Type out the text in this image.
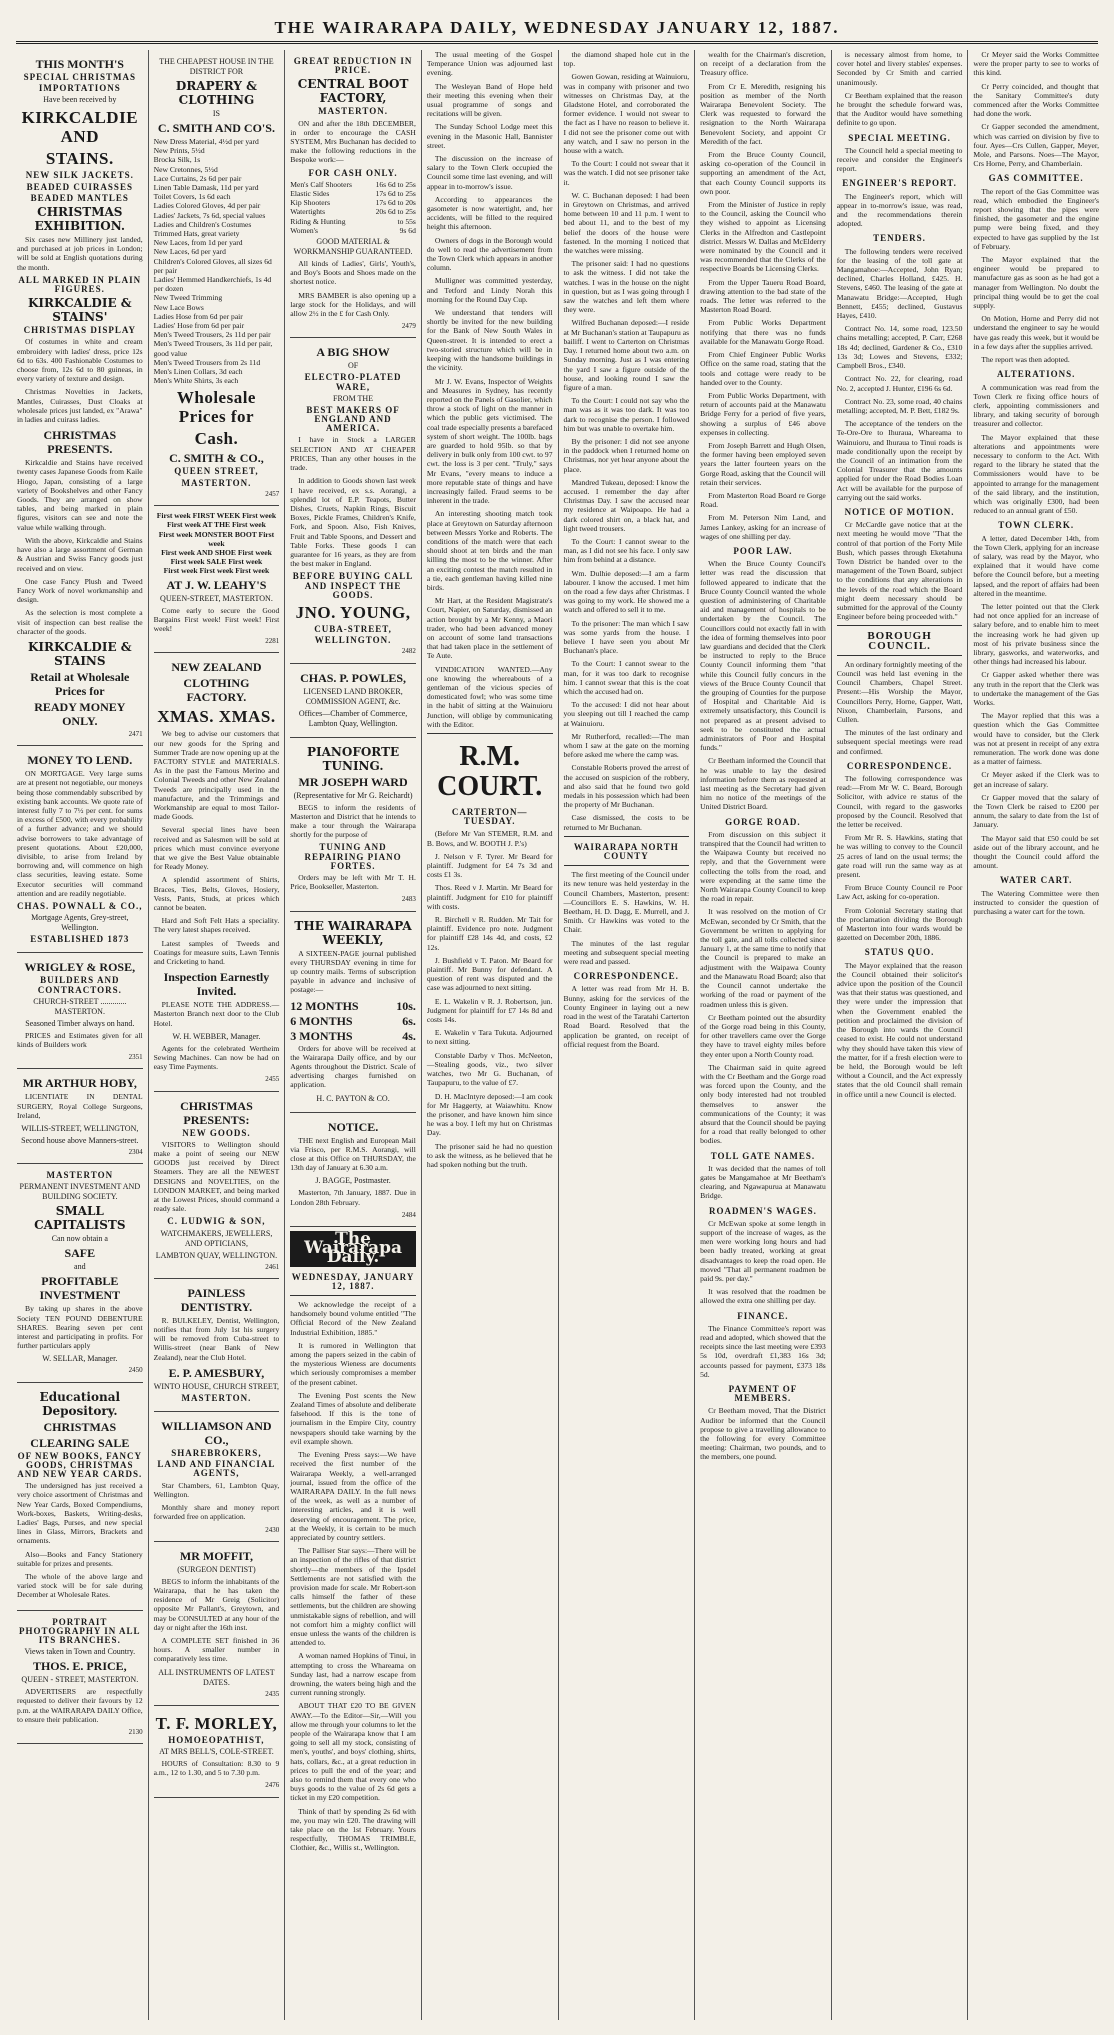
THE WAIRARAPA DAILY, WEDNESDAY JANUARY 12, 1887.
THIS MONTH'S
SPECIAL CHRISTMAS
IMPORTATIONS
Have been received by
KIRKCALDIE AND
STAINS.
NEW SILK JACKETS.
BEADED CUIRASSES
BEADED MANTLES
CHRISTMAS EXHIBITION.

Six cases new Millinery just landed, and purchased at job prices in London; will be sold at English quotations during the month.

ALL MARKED IN PLAIN FIGURES.
KIRKCALDIE & STAINS'
CHRISTMAS DISPLAY

Of costumes in white and cream embroidery with ladies' dress, price 12s 6d to 63s. 400 Fashionable Costumes to choose from, 12s 6d to 80 guineas, in every variety of texture and design.

Christmas Novelties in Jackets, Mantles, Cuirasses, Dust Cloaks at wholesale prices just landed, ex "Arawa" in ladies and cuirass ladies.

CHRISTMAS PRESENTS.

Kirkcaldie and Stains have received twenty cases Japanese Goods from Kaile Hiogo, Japan, consisting of a large variety of Bookshelves and other Fancy Goods. They are arranged on show tables, and being marked in plain figures, visitors can see and note the value while walking through.

With the above, Kirkcaldie and Stains have also a large assortment of German & Austrian and Swiss Fancy goods just received and on view.

One case Fancy Plush and Tweed Fancy Work of novel workmanship and design.

As the selection is most complete a visit of inspection can best realise the character of the goods.

KIRKCALDIE & STAINS
Retail at Wholesale Prices for
READY MONEY ONLY.
2471
MONEY TO LEND.

ON MORTGAGE. Very large sums are at present not negotiable, our moneys being those commendably subscribed by existing bank accounts. We quote rate of interest fully 7 to 7½ per cent. for sums in excess of £500, with every probability of a further advance; and we should advise borrowers to take advantage of present quotations. About £20,000, divisible, to arise from Ireland by borrowing and, will commence on high class securities, leaving estate. Some Executor securities will command attention and are readily negotiable.

CHAS. POWNALL & CO.,
Mortgage Agents, Grey-street, Wellington.
ESTABLISHED 1873
WRIGLEY & ROSE,
BUILDERS AND CONTRACTORS.
CHURCH-STREET ............. MASTERTON.
Seasoned Timber always on hand.

PRICES and Estimates given for all kinds of Builders work

2351
MR ARTHUR HOBY,

LICENTIATE IN DENTAL SURGERY, Royal College Surgeons, Ireland,

WILLIS-STREET, WELLINGTON,
Second house above Manners-street.
2304
MASTERTON
PERMANENT INVESTMENT AND BUILDING SOCIETY.
SMALL CAPITALISTS
Can now obtain a
SAFE
and
PROFITABLE INVESTMENT

By taking up shares in the above Society TEN POUND DEBENTURE SHARES. Bearing seven per cent interest and participating in profits. For further particulars apply

W. SELLAR, Manager.
2450
Educational Depository.
CHRISTMAS
CLEARING SALE
OF NEW BOOKS, FANCY GOODS, CHRISTMAS AND NEW YEAR CARDS.

The undersigned has just received a very choice assortment of Christmas and New Year Cards, Boxed Compendiums, Work-boxes, Baskets, Writing-desks, Ladies' Bags, Purses, and new special lines in Glass, Mirrors, Brackets and ornaments.

Also—Books and Fancy Stationery suitable for prizes and presents.

The whole of the above large and varied stock will be for sale during December at Wholesale Rates.

PORTRAIT PHOTOGRAPHY IN ALL ITS BRANCHES.
Views taken in Town and Country.
THOS. E. PRICE,
QUEEN - STREET, MASTERTON.

ADVERTISERS are respectfully requested to deliver their favours by 12 p.m. at the WAIRARAPA DAILY Office, to ensure their publication.

2130
THE CHEAPEST HOUSE IN THE DISTRICT FOR
DRAPERY & CLOTHING
IS
C. SMITH AND CO'S.
New Dress Material, 4½d per yard
New Prints, 5½d
Brocka Silk, 1s
New Cretonnes, 5½d
Lace Curtains, 2s 6d per pair
Linen Table Damask, 11d per yard
Toilet Covers, 1s 6d each
Ladies Colored Gloves, 4d per pair
Ladies' Jackets, 7s 6d, special values
Ladies and Children's Costumes
Trimmed Hats, great variety
New Laces, from 1d per yard
New Laces, 6d per yard
Children's Colored Gloves, all sizes 6d per pair
Ladies' Hemmed Handkerchiefs, 1s 4d per dozen
New Tweed Trimming
New Lace Bows
Ladies Hose from 6d per pair
Ladies' Hose from 6d per pair
Men's Tweed Trousers, 2s 11d per pair
Men's Tweed Trousers, 3s 11d per pair, good value
Men's Tweed Trousers from 2s 11d
Men's Linen Collars, 3d each
Men's White Shirts, 3s each
Wholesale Prices for
Cash.
C. SMITH & CO.,
QUEEN STREET,
MASTERTON.
2457
First week FIRST WEEK First week
First week AT THE First week
First week MONSTER BOOT First week
First week AND SHOE First week
First week SALE First week
First week First week First week
AT J. W. LEAHY'S
QUEEN-STREET, MASTERTON.

Come early to secure the Good Bargains First week! First week! First week!

2281
NEW ZEALAND
CLOTHING FACTORY.
XMAS. XMAS.

We beg to advise our customers that our new goods for the Spring and Summer Trade are now opening up at the FACTORY STYLE and MATERIALS. As in the past the Famous Merino and Colonial Tweeds and other New Zealand Tweeds are principally used in the manufacture, and the Trimmings and Workmanship are equal to most Tailor-made Goods.

Several special lines have been received and as Salesmen will be sold at prices which must convince everyone that we give the Best Value obtainable for Ready Money.

A splendid assortment of Shirts, Braces, Ties, Belts, Gloves, Hosiery, Vests, Pants, Studs, at prices which cannot be beaten.

Hard and Soft Felt Hats a speciality. The very latest shapes received.

Latest samples of Tweeds and Coatings for measure suits, Lawn Tennis and Cricketing to hand.

Inspection Earnestly Invited.

PLEASE NOTE THE ADDRESS.— Masterton Branch next door to the Club Hotel.

W. H. WEBBER, Manager.

Agents for the celebrated Wertheim Sewing Machines. Can now be had on easy Time Payments.

2455
CHRISTMAS PRESENTS:
NEW GOODS.

VISITORS to Wellington should make a point of seeing our NEW GOODS just received by Direct Steamers. They are all the NEWEST DESIGNS and NOVELTIES, on the LONDON MARKET, and being marked at the Lowest Prices, should command a ready sale.

C. LUDWIG & SON,
WATCHMAKERS, JEWELLERS, AND OPTICIANS,
LAMBTON QUAY, WELLINGTON.
2461
PAINLESS DENTISTRY.

R. BULKELEY, Dentist, Wellington, notifies that from July 1st his surgery will be removed from Cuba-street to Willis-street (near Bank of New Zealand), near the Club Hotel.

E. P. AMESBURY,
WINTO HOUSE, CHURCH STREET,
MASTERTON.
WILLIAMSON AND CO.,
SHAREBROKERS,
LAND AND FINANCIAL AGENTS,

Star Chambers, 61, Lambton Quay, Wellington.

Monthly share and money report forwarded free on application.

2430
MR MOFFIT,
(SURGEON DENTIST)

BEGS to inform the inhabitants of the Wairarapa, that he has taken the residence of Mr Greig (Solicitor) opposite Mr Pallant's, Greytown, and may be CONSULTED at any hour of the day or night after the 16th inst.

A COMPLETE SET finished in 36 hours. A smaller number in comparatively less time.

ALL INSTRUMENTS OF LATEST DATES.
2435
T. F. MORLEY,
HOMOEOPATHIST,
AT MRS BELL'S, COLE-STREET.

HOURS of Consultation: 8.30 to 9 a.m., 12 to 1.30, and 5 to 7.30 p.m.

2476
GREAT REDUCTION IN PRICE.
CENTRAL BOOT FACTORY,
MASTERTON.

ON and after the 18th DECEMBER, in order to encourage the CASH SYSTEM, Mrs Buchanan has decided to make the following reductions in the Bespoke work:—

FOR CASH ONLY.
Men's Calf Shooters	16s 6d to 25s
Elastic Sides	17s 6d to 25s
Kip Shooters	17s 6d to 20s
Watertights	20s 6d to 25s
Riding & Hunting	to 55s
Women's	9s 6d
GOOD MATERIAL & WORKMANSHIP GUARANTEED.

All kinds of Ladies', Girls', Youth's, and Boy's Boots and Shoes made on the shortest notice.

MRS BAMBER is also opening up a large stock for the Holidays, and will allow 2½ in the £ for Cash Only.

2479
A BIG SHOW
OF
ELECTRO-PLATED WARE,
FROM THE
BEST MAKERS OF ENGLAND AND AMERICA.

I have in Stock a LARGER SELECTION AND AT CHEAPER PRICES, Than any other houses in the trade.

In addition to Goods shown last week I have received, ex s.s. Aorangi, a splendid lot of E.P. Teapots, Butter Dishes, Cruets, Napkin Rings, Biscuit Boxes, Pickle Frames, Children's Knife, Fork, and Spoon. Also, Fish Knives, Fruit and Table Spoons, and Dessert and Table Forks. These goods I can guarantee for 16 years, as they are from the best maker in England.

BEFORE BUYING CALL AND INSPECT THE GOODS.
JNO. YOUNG,
CUBA-STREET,
WELLINGTON.
2482
CHAS. P. POWLES,
LICENSED LAND BROKER, COMMISSION AGENT, &c.
Offices—Chamber of Commerce, Lambton Quay, Wellington.
PIANOFORTE TUNING.
MR JOSEPH WARD
(Representative for Mr G. Reichardt)

BEGS to inform the residents of Masterton and District that he intends to make a tour through the Wairarapa shortly for the purpose of

TUNING AND REPAIRING PIANO FORTES.

Orders may be left with Mr T. H. Price, Bookseller, Masterton.

2483
THE WAIRARAPA WEEKLY,

A SIXTEEN-PAGE journal published every THURSDAY evening in time for up country mails. Terms of subscription payable in advance and inclusive of postage:—

12 MONTHS	10s.
6 MONTHS	6s.
3 MONTHS	4s.

Orders for above will be received at the Wairarapa Daily office, and by our Agents throughout the District. Scale of advertising charges furnished on application.

H. C. PAYTON & CO.
NOTICE.

THE next English and European Mail via Frisco, per R.M.S. Aorangi, will close at this Office on THURSDAY, the 13th day of January at 6.30 a.m.

J. BAGGE, Postmaster.

Masterton, 7th January, 1887. Due in London 28th February.

2484
The Wairarapa Daily.
WEDNESDAY, JANUARY 12, 1887.

We acknowledge the receipt of a handsomely bound volume entitled "The Official Record of the New Zealand Industrial Exhibition, 1885."

It is rumored in Wellington that among the papers seized in the cabin of the mysterious Wieness are documents which seriously compromises a member of the present cabinet.

The Evening Post scents the New Zealand Times of absolute and deliberate falsehood. If this is the tone of journalism in the Empire City, country newspapers should take warning by the evil example shown.

The Evening Press says:—We have received the first number of the Wairarapa Weekly, a well-arranged journal, issued from the office of the WAIRARAPA DAILY. In the full news of the week, as well as a number of interesting articles, and it is well deserving of encouragement. The price, at the Weekly, it is certain to be much appreciated by country settlers.

The Palliser Star says:—There will be an inspection of the rifles of that district shortly—the members of the Ipsdel Settlements are not satisfied with the provision made for scale. Mr Robert-son calls himself the father of these settlements, but the children are showing unmistakable signs of rebellion, and will not comfort him a mighty conflict will ensue unless the wants of the children is attended to.

A woman named Hopkins of Tinui, in attempting to cross the Whareama on Sunday last, had a narrow escape from drowning, the waters being high and the current running strongly.

ABOUT THAT £20 TO BE GIVEN AWAY.—To the Editor—Sir,—Will you allow me through your columns to let the people of the Wairarapa know that I am going to sell all my stock, consisting of men's, youths', and boys' clothing, shirts, hats, collars, &c., at a great reduction in prices to pull the end of the year; and also to remind them that every one who buys goods to the value of 2s 6d gets a ticket in my £20 competition.

Think of that! by spending 2s 6d with me, you may win £20. The drawing will take place on the 1st February. Yours respectfully, THOMAS TRIMBLE, Clothier, &c., Willis st., Wellington.

The usual meeting of the Gospel Temperance Union was adjourned last evening.

The Wesleyan Band of Hope held their meeting this evening when their usual programme of songs and recitations will be given.

The Sunday School Lodge meet this evening in the Masonic Hall, Bannister street.

The discussion on the increase of salary to the Town Clerk occupied the Council some time last evening, and will appear in to-morrow's issue.

According to appearances the gasometer is now watertight, and, her accidents, will be filled to the required height this afternoon.

Owners of dogs in the Borough would do well to read the advertisement from the Town Clerk which appears in another column.

Mulligner was committed yesterday, and Tetford and Lindy Norah this morning for the Round Day Cup.

We understand that tenders will shortly be invited for the new building for the Bank of New South Wales in Queen-street. It is intended to erect a two-storied structure which will be in keeping with the handsome buildings in the vicinity.

Mr J. W. Evans, Inspector of Weights and Measures in Sydney, has recently reported on the Panels of Gasolier, which throw a stock of light on the manner in which the public gets victimised. The coal trade especially presents a barefaced system of short weight. The 100lb. bags are guarded to hold 95lb. so that by delivery in bulk only from 100 cwt. to 97 cwt. the loss is 3 per cent. "Truly," says Mr Evans, "every means to induce a more reputable state of things and have increasingly failed. Fraud seems to be inherent in the trade.

An interesting shooting match took place at Greytown on Saturday afternoon between Messrs Yorke and Roberts. The conditions of the match were that each should shoot at ten birds and the man killing the most to be the winner. After an exciting contest the match resulted in a tie, each gentleman having killed nine birds.

Mr Hart, at the Resident Magistrate's Court, Napier, on Saturday, dismissed an action brought by a Mr Kenny, a Maori trader, who had been advanced money on account of some land transactions that had taken place in the settlement of Te Aute.

VINDICATION WANTED.—Any one knowing the whereabouts of a gentleman of the vicious species of domesticated fowl; who was some time in the habit of sitting at the Wainuioru Junction, will oblige by communicating with the Editor.

R.M. COURT.
CARTERTON—TUESDAY.

(Before Mr Van STEMER, R.M. and B. Bows, and W. BOOTH J. P.'s)

J. Nelson v F. Tyrer. Mr Beard for plaintiff. Judgment for £4 7s 3d and costs £1 3s.

Thos. Reed v J. Martin. Mr Beard for plaintiff. Judgment for £10 for plaintiff with costs.

R. Birchell v R. Rudden. Mr Tait for plaintiff. Evidence pro note. Judgment for plaintiff £28 14s 4d, and costs, £2 12s.

J. Bushfield v T. Paton. Mr Beard for plaintiff. Mr Bunny for defendant. A question of rent was disputed and the case was adjourned to next sitting.

E. L. Wakelin v R. J. Robertson, jun. Judgment for plaintiff for £7 14s 8d and costs 14s.

E. Wakelin v Tara Tukuta. Adjourned to next sitting.

Constable Darby v Thos. McNeeton,—Stealing goods, viz., two silver watches, two Mr G. Buchanan, of Taupapuru, to the value of £7.

D. H. MacIntyre deposed:—I am cook for Mr Haggerty, at Waiawhitu. Know the prisoner, and have known him since he was a boy. I left my hut on Christmas Day.

The prisoner said he had no question to ask the witness, as he believed that he had spoken nothing but the truth.

the diamond shaped hole cut in the top.

Gowen Gowan, residing at Wainuioru, was in company with prisoner and two witnesses on Christmas Day, at the Gladstone Hotel, and corroborated the former evidence. I would not swear to the fact as I have no reason to believe it. I did not see the prisoner come out with any watch, and I saw no person in the house with a watch.

To the Court: I could not swear that it was the watch. I did not see prisoner take it.

W. C. Buchanan deposed: I had been in Greytown on Christmas, and arrived home between 10 and 11 p.m. I went to bed about 11, and to the best of my belief the doors of the house were fastened. In the morning I noticed that the watches were missing.

The prisoner said: I had no questions to ask the witness. I did not take the watches. I was in the house on the night in question, but as I was going through I saw the watches and left them where they were.

Wilfred Buchanan deposed:—I reside at Mr Buchanan's station at Taupapuru as bailiff. I went to Carterton on Christmas Day. I returned home about two a.m. on Sunday morning. Just as I was entering the yard I saw a figure outside of the house, and looking round I saw the figure of a man.

To the Court: I could not say who the man was as it was too dark. It was too dark to recognise the person. I followed him but was unable to overtake him.

By the prisoner: I did not see anyone in the paddock when I returned home on Christmas, nor yet hear anyone about the place.

Mandred Tukeau, deposed: I know the accused. I remember the day after Christmas Day. I saw the accused near my residence at Waipoapo. He had a dark colored shirt on, a black hat, and light tweed trousers.

To the Court: I cannot swear to the man, as I did not see his face. I only saw him from behind at a distance.

Wm. Dulhie deposed:—I am a farm labourer. I know the accused. I met him on the road a few days after Christmas. I was going to my work. He showed me a watch and offered to sell it to me.

To the prisoner: The man which I saw was some yards from the house. I believe I have seen you about Mr Buchanan's place.

To the Court: I cannot swear to the man, for it was too dark to recognise him. I cannot swear that this is the coat which the accused had on.

To the accused: I did not hear about you sleeping out till I reached the camp at Wainuioru.

Mr Rutherford, recalled:—The man whom I saw at the gate on the morning before asked me where the camp was.

Constable Roberts proved the arrest of the accused on suspicion of the robbery, and also said that he found two gold medals in his possession which had been the property of Mr Buchanan.

Case dismissed, the costs to be returned to Mr Buchanan.

WAIRARAPA NORTH COUNTY

The first meeting of the Council under its new tenure was held yesterday in the Council Chambers, Masterton, present:—Councillors E. S. Hawkins, W. H. Beetham, H. D. Dagg, E. Murrell, and J. Smith. Cr Hawkins was voted to the Chair.

The minutes of the last regular meeting and subsequent special meeting were read and passed.

CORRESPONDENCE.

A letter was read from Mr H. B. Bunny, asking for the services of the County Engineer in laying out a new road in the west of the Taratahi Carterton Road Board. Resolved that the application be granted, on receipt of official request from the Board.

wealth for the Chairman's discretion, on receipt of a declaration from the Treasury office.

From Cr E. Meredith, resigning his position as member of the North Wairarapa Benevolent Society. The Clerk was requested to forward the resignation to the North Wairarapa Benevolent Society, and appoint Cr Meredith of the fact.

From the Bruce County Council, asking co-operation of the Council in supporting an amendment of the Act, that each County Council supports its own poor.

From the Minister of Justice in reply to the Council, asking the Council who they wished to appoint as Licensing Clerks in the Alfredton and Castlepoint district. Messrs W. Dallas and McElderry were nominated by the Council and it was recommended that the Clerks of the respective Boards be Licensing Clerks.

From the Upper Taueru Road Board, drawing attention to the bad state of the roads. The letter was referred to the Masterton Road Board.

From Public Works Department notifying that there was no funds available for the Manawatu Gorge Road.

From Chief Engineer Public Works Office on the same road, stating that the tools and cottage were ready to be handed over to the County.

From Public Works Department, with return of accounts paid at the Manawatu Bridge Ferry for a period of five years, showing a surplus of £46 above expenses in collecting.

From Joseph Barrett and Hugh Olsen, the former having been employed seven years the latter fourteen years on the Gorge Road, asking that the Council will retain their services.

From Masterton Road Board re Gorge Road.

From M. Peterson Nim Land, and James Lankey, asking for an increase of wages of one shilling per day.

POOR LAW.

When the Bruce County Council's letter was read the discussion that followed appeared to indicate that the Bruce County Council wanted the whole question of administering of Charitable aid and management of hospitals to be undertaken by the Council. The Councillors could not exactly fall in with the idea of forming themselves into poor law guardians and decided that the Clerk be instructed to reply to the Bruce County Council informing them "that while this Council fully concurs in the views of the Bruce County Council that the grouping of Counties for the purpose of Hospital and Charitable Aid is extremely unsatisfactory, this Council is not prepared as at present advised to seek to be constituted the actual administrators of Poor and Hospital funds."

Cr Beetham informed the Council that he was unable to lay the desired information before them as requested at last meeting as the Secretary had given him no notice of the meetings of the United District Board.

GORGE ROAD.

From discussion on this subject it transpired that the Council had written to the Waipawa County but received no reply, and that the Government were collecting the tolls from the road, and were expending at the same time the North Wairarapa County Council to keep the road in repair.

It was resolved on the motion of Cr McEwan, seconded by Cr Smith, that the Government be written to applying for the toll gate, and all tolls collected since January 1, at the same time to notify that the Council is prepared to make an adjustment with the Waipawa County and the Manawatu Road Board; also that the Council cannot undertake the working of the road or payment of the roadmen unless this is given.

Cr Beetham pointed out the absurdity of the Gorge road being in this County, for other travellers came over the Gorge they have to travel eighty miles before they enter upon a North County road.

The Chairman said in quite agreed with the Cr Beetham and the Gorge road was forced upon the County, and the only body interested had not troubled themselves to answer the communications of the County; it was absurd that the Council should be paying for a road that really belonged to other bodies.

TOLL GATE NAMES.

It was decided that the names of toll gates be Mangamahoe at Mr Beetham's clearing, and Ngawapurua at Manawatu Bridge.

ROADMEN'S WAGES.

Cr McEwan spoke at some length in support of the increase of wages, as the men were working long hours and had been badly treated, working at great disadvantages to keep the road open. He moved "That all permanent roadmen be paid 9s. per day."

It was resolved that the roadmen be allowed the extra one shilling per day.

FINANCE.

The Finance Committee's report was read and adopted, which showed that the receipts since the last meeting were £393 5s 10d, overdraft £1,383 16s 3d; accounts passed for payment, £373 18s 5d.

PAYMENT OF MEMBERS.

Cr Beetham moved, That the District Auditor be informed that the Council propose to give a travelling allowance to the following for every Committee meeting: Chairman, two pounds, and to the members, one pound.

is necessary almost from home, to cover hotel and livery stables' expenses. Seconded by Cr Smith and carried unanimously.

Cr Beetham explained that the reason he brought the schedule forward was, that the Auditor would have something definite to go upon.

SPECIAL MEETING.

The Council held a special meeting to receive and consider the Engineer's report.

ENGINEER'S REPORT.

The Engineer's report, which will appear in to-morrow's issue, was read, and the recommendations therein adopted.

TENDERS.

The following tenders were received for the leasing of the toll gate at Mangamahoe:—Accepted, John Ryan; declined, Charles Holland, £425. H. Stevens, £460. The leasing of the gate at Manawatu Bridge:—Accepted, Hugh Bennett, £455; declined, Gustavus Hayes, £410.

Contract No. 14, some road, 123.50 chains metalling; accepted, P. Carr, £268 18s 4d; declined, Gardener & Co., £310 13s 3d; Lowes and Stevens, £332; Campbell Bros., £340.

Contract No. 22, for clearing, road No. 2, accepted J. Hunter, £196 6s 6d.

Contract No. 23, some road, 40 chains metalling; accepted, M. P. Bett, £182 9s.

The acceptance of the tenders on the Te-Ore-Ore to Ihuraua, Whareama to Wainuioru, and Ihuraua to Tinui roads is made conditionally upon the receipt by the Council of an intimation from the Colonial Treasurer that the amounts applied for under the Road Bodies Loan Act will be available for the purpose of carrying out the said works.

NOTICE OF MOTION.

Cr McCardle gave notice that at the next meeting he would move "That the control of that portion of the Forty Mile Bush, which passes through Eketahuna Town District be handed over to the management of the Town Board, subject to the conditions that any alterations in the levels of the road which the Board might deem necessary should be submitted for the approval of the County Engineer before being proceeded with."

BOROUGH COUNCIL.

An ordinary fortnightly meeting of the Council was held last evening in the Council Chambers, Chapel Street. Present:—His Worship the Mayor, Councillors Perry, Horne, Gapper, Watt, Nixon, Chamberlain, Parsons, and Cullen.

The minutes of the last ordinary and subsequent special meetings were read and confirmed.

CORRESPONDENCE.

The following correspondence was read:—From Mr W. C. Beard, Borough Solicitor, with advice re status of the Council, with regard to the gasworks proposed by the Council. Resolved that the letter be received.

From Mr R. S. Hawkins, stating that he was willing to convey to the Council 25 acres of land on the usual terms; the gate road will run the same way as at present.

From Bruce County Council re Poor Law Act, asking for co-operation.

From Colonial Secretary stating that the proclamation dividing the Borough of Masterton into four wards would be gazetted on December 20th, 1886.

STATUS QUO.

The Mayor explained that the reason the Council obtained their solicitor's advice upon the position of the Council was that their status was questioned, and they were under the impression that when the Government enabled the petition and proclaimed the division of the Borough into wards the Council ceased to exist. He could not understand why they should have taken this view of the matter, for if a fresh election were to be held, the Borough would be left without a Council, and the Act expressly states that the old Council shall remain in office until a new Council is elected.

Cr Meyer said the Works Committee were the proper party to see to works of this kind.

Cr Perry coincided, and thought that the Sanitary Committee's duty commenced after the Works Committee had done the work.

Cr Gapper seconded the amendment, which was carried on division by five to four. Ayes—Crs Cullen, Gapper, Meyer, Mole, and Parsons. Noes—The Mayor, Crs Horne, Perry, and Chamberlain.

GAS COMMITTEE.

The report of the Gas Committee was read, which embodied the Engineer's report showing that the pipes were finished, the gasometer and the engine pump were being fixed, and they expected to have gas supplied by the 1st of February.

The Mayor explained that the engineer would be prepared to manufacture gas as soon as he had got a manager from Wellington. No doubt the principal thing would be to get the coal supply.

On Motion, Horne and Perry did not understand the engineer to say he would have gas ready this week, but it would be in a few days after the supplies arrived.

The report was then adopted.

ALTERATIONS.

A communication was read from the Town Clerk re fixing office hours of clerk, appointing commissioners and library, and taking security of borough treasurer and collector.

The Mayor explained that these alterations and appointments were necessary to conform to the Act. With regard to the library he stated that the Commissioners would have to be appointed to arrange for the management of the said library, and the institution, which was originally £300, had been reduced to an annual grant of £50.

TOWN CLERK.

A letter, dated December 14th, from the Town Clerk, applying for an increase of salary, was read by the Mayor, who explained that it would have come before the Council before, but a meeting lapsed, and the report of affairs had been altered in the meantime.

The letter pointed out that the Clerk had not once applied for an increase of salary before, and to enable him to meet the increasing work he had given up most of his private business since the library, gasworks, and waterworks, and other things had increased his labour.

Cr Gapper asked whether there was any truth in the report that the Clerk was to undertake the management of the Gas Works.

The Mayor replied that this was a question which the Gas Committee would have to consider, but the Clerk was not at present in receipt of any extra remuneration. The work done was done as a matter of fairness.

Cr Meyer asked if the Clerk was to get an increase of salary.

Cr Gapper moved that the salary of the Town Clerk be raised to £200 per annum, the salary to date from the 1st of January.

The Mayor said that £50 could be set aside out of the library account, and he thought the Council could afford the amount.

WATER CART.

The Watering Committee were then instructed to consider the question of purchasing a water cart for the town.
